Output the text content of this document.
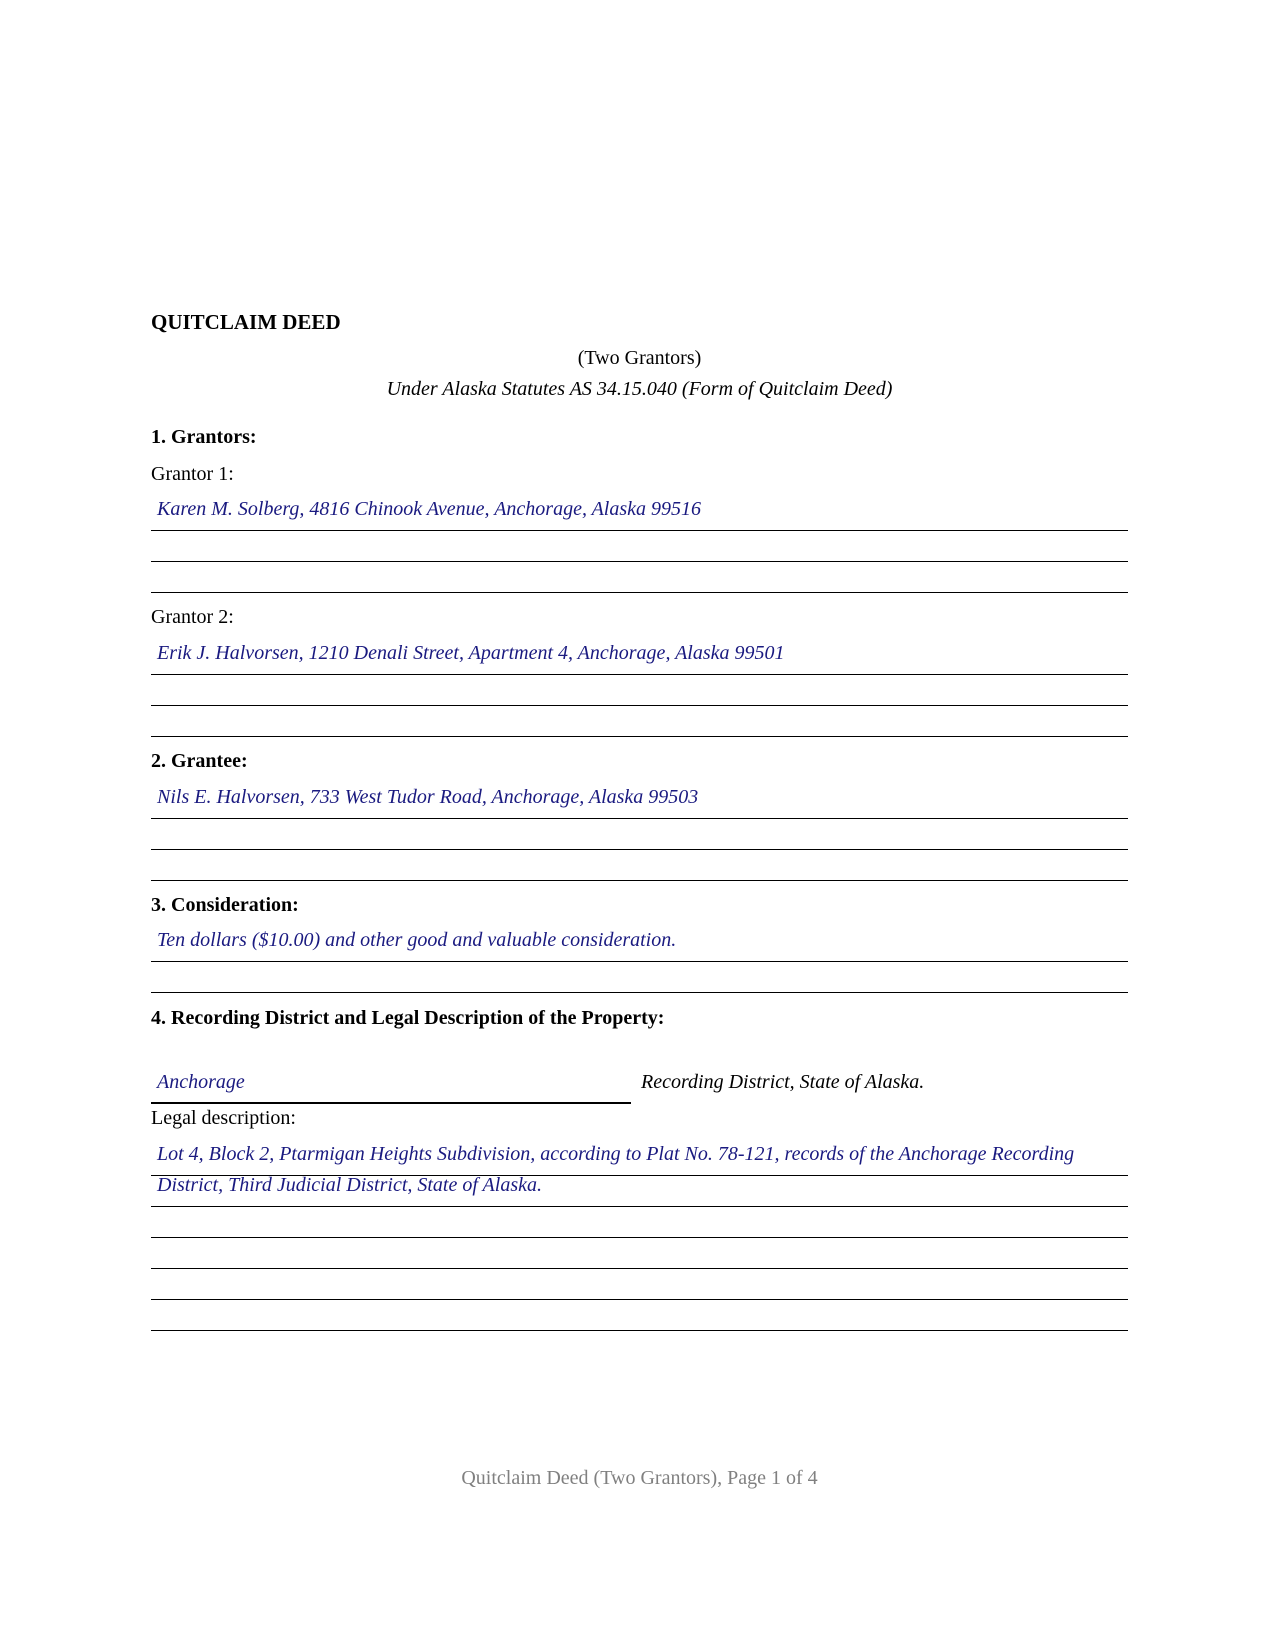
QUITCLAIM DEED
(Two Grantors)
Under Alaska Statutes AS 34.15.040 (Form of Quitclaim Deed)
1. Grantors:
Grantor 1:
Karen M. Solberg, 4816 Chinook Avenue, Anchorage, Alaska 99516
Grantor 2:
Erik J. Halvorsen, 1210 Denali Street, Apartment 4, Anchorage, Alaska 99501
2. Grantee:
Nils E. Halvorsen, 733 West Tudor Road, Anchorage, Alaska 99503
3. Consideration:
Ten dollars ($10.00) and other good and valuable consideration.
4. Recording District and Legal Description of the Property:
Anchorage	Recording District, State of Alaska.
Legal description:
Lot 4, Block 2, Ptarmigan Heights Subdivision, according to Plat No. 78-121, records of the Anchorage Recording
District, Third Judicial District, State of Alaska.
Quitclaim Deed (Two Grantors), Page 1 of 4
